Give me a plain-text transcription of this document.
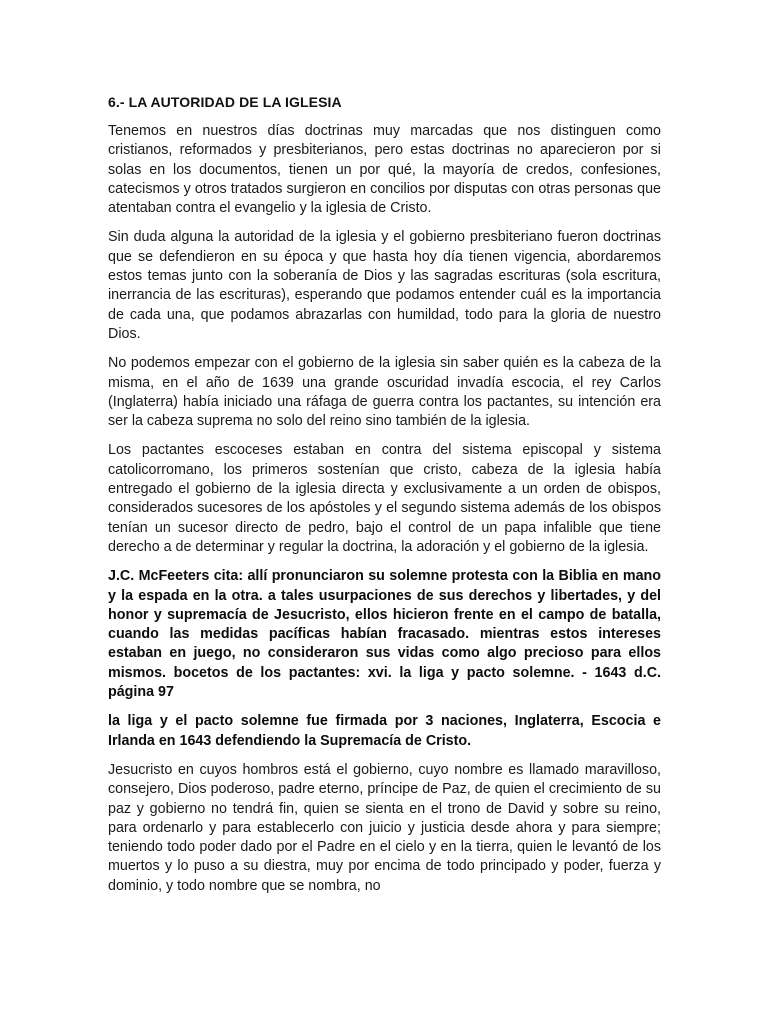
6.- LA AUTORIDAD DE LA IGLESIA

Tenemos en nuestros días doctrinas muy marcadas que nos distinguen como cristianos, reformados y presbiterianos, pero estas doctrinas no aparecieron por si solas en los documentos, tienen un por qué, la mayoría de credos, confesiones, catecismos y otros tratados surgieron en concilios por disputas con otras personas que atentaban contra el evangelio y la iglesia de Cristo.

Sin duda alguna la autoridad de la iglesia y el gobierno presbiteriano fueron doctrinas que se defendieron en su época y que hasta hoy día tienen vigencia, abordaremos estos temas junto con la soberanía de Dios y las sagradas escrituras (sola escritura, inerrancia de las escrituras), esperando que podamos entender cuál es la importancia de cada una, que podamos abrazarlas con humildad, todo para la gloria de nuestro Dios.

No podemos empezar con el gobierno de la iglesia sin saber quién es la cabeza de la misma, en el año de 1639 una grande oscuridad invadía escocia, el rey Carlos (Inglaterra) había iniciado una ráfaga de guerra contra los pactantes, su intención era ser la cabeza suprema no solo del reino sino también de la iglesia.

Los pactantes escoceses estaban en contra del sistema episcopal y sistema catolicorromano, los primeros sostenían que cristo, cabeza de la iglesia había entregado el gobierno de la iglesia directa y exclusivamente a un orden de obispos, considerados sucesores de los apóstoles y el segundo sistema además de los obispos tenían un sucesor directo de pedro, bajo el control de un papa infalible que tiene derecho a de determinar y regular la doctrina, la adoración y el gobierno de la iglesia.

J.C. McFeeters cita: allí pronunciaron su solemne protesta con la Biblia en mano y la espada en la otra. a tales usurpaciones de sus derechos y libertades, y del honor y supremacía de Jesucristo, ellos hicieron frente en el campo de batalla, cuando las medidas pacíficas habían fracasado. mientras estos intereses estaban en juego, no consideraron sus vidas como algo precioso para ellos mismos. bocetos de los pactantes: xvi. la liga y pacto solemne. - 1643 d.C. página 97

la liga y el pacto solemne fue firmada por 3 naciones, Inglaterra, Escocia e Irlanda en 1643 defendiendo la Supremacía de Cristo.

Jesucristo en cuyos hombros está el gobierno, cuyo nombre es llamado maravilloso, consejero, Dios poderoso, padre eterno, príncipe de Paz, de quien el crecimiento de su paz y gobierno no tendrá fin, quien se sienta en el trono de David y sobre su reino, para ordenarlo y para establecerlo con juicio y justicia desde ahora y para siempre; teniendo todo poder dado por el Padre en el cielo y en la tierra, quien le levantó de los muertos y lo puso a su diestra, muy por encima de todo principado y poder, fuerza y dominio, y todo nombre que se nombra, no
